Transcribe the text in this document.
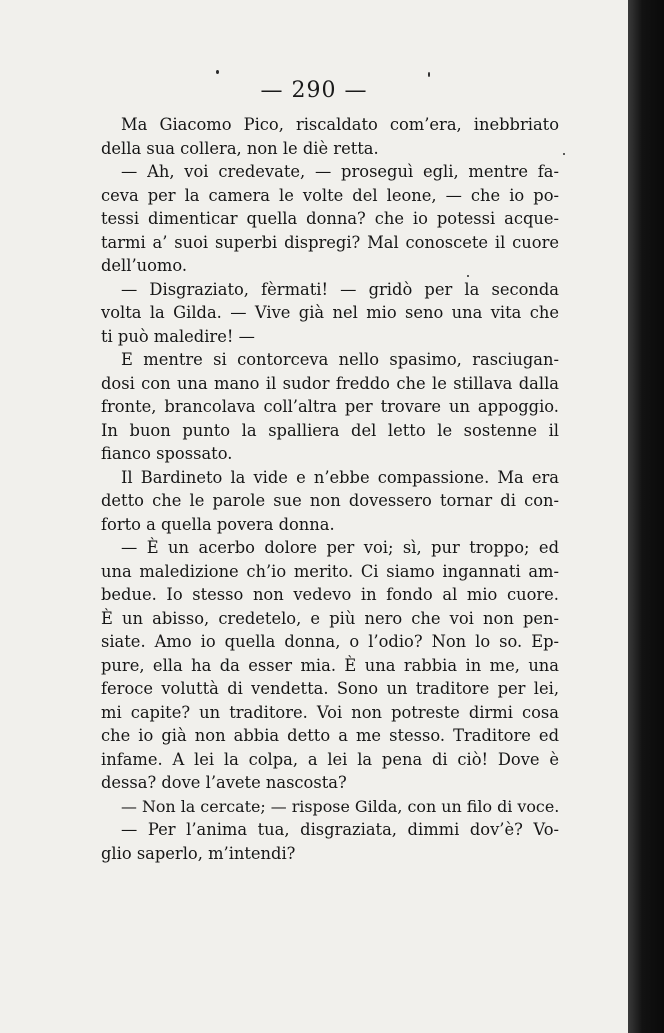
— 290 —
Ma Giacomo Pico, riscaldato com’era, inebbriato
della sua collera, non le diè retta.
— Ah, voi credevate, — proseguì egli, mentre fa-
ceva per la camera le volte del leone, — che io po-
tessi dimenticar quella donna? che io potessi acque-
tarmi a’ suoi superbi dispregi? Mal conoscete il cuore
dell’uomo.
— Disgraziato, fèrmati! — gridò per la seconda
volta la Gilda. — Vive già nel mio seno una vita che
ti può maledire! —
E mentre si contorceva nello spasimo, rasciugan-
dosi con una mano il sudor freddo che le stillava dalla
fronte, brancolava coll’altra per trovare un appoggio.
In buon punto la spalliera del letto le sostenne il
fianco spossato.
Il Bardineto la vide e n’ebbe compassione. Ma era
detto che le parole sue non dovessero tornar di con-
forto a quella povera donna.
— È un acerbo dolore per voi; sì, pur troppo; ed
una maledizione ch’io merito. Ci siamo ingannati am-
bedue. Io stesso non vedevo in fondo al mio cuore.
È un abisso, credetelo, e più nero che voi non pen-
siate. Amo io quella donna, o l’odio? Non lo so. Ep-
pure, ella ha da esser mia. È una rabbia in me, una
feroce voluttà di vendetta. Sono un traditore per lei,
mi capite? un traditore. Voi non potreste dirmi cosa
che io già non abbia detto a me stesso. Traditore ed
infame. A lei la colpa, a lei la pena di ciò! Dove è
dessa? dove l’avete nascosta?
— Non la cercate; — rispose Gilda, con un filo di voce.
— Per l’anima tua, disgraziata, dimmi dov’è? Vo-
glio saperlo, m’intendi?
